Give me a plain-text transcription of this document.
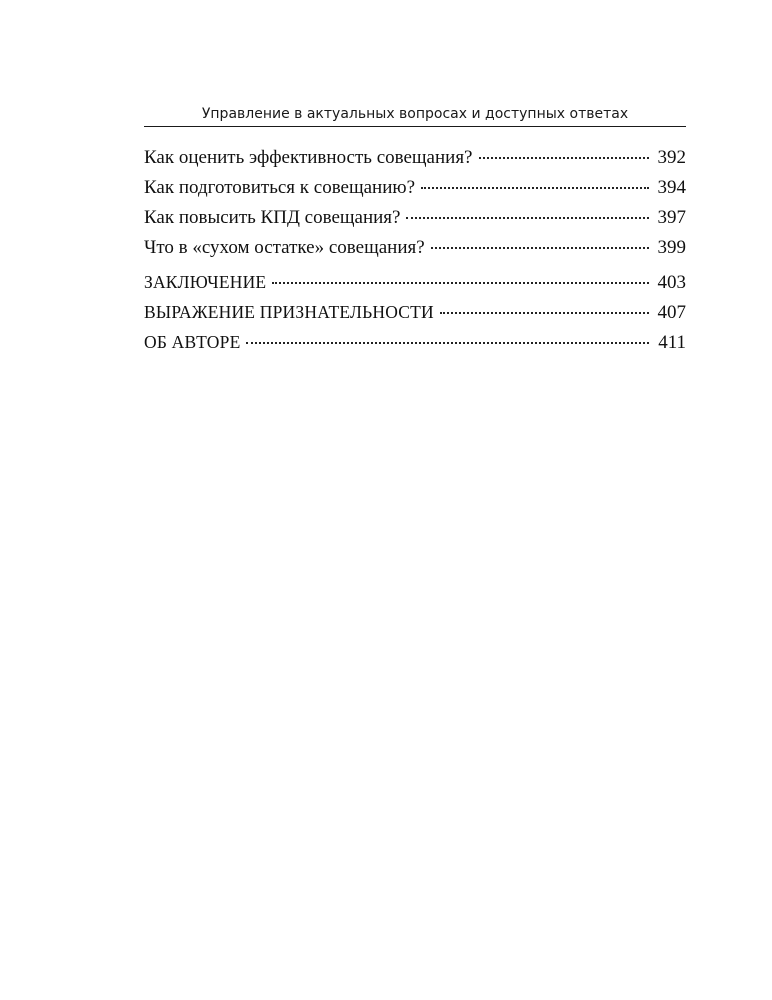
Управление в актуальных вопросах и доступных ответах
Как оценить эффективность совещания?	392
Как подготовиться к совещанию?	394
Как повысить КПД совещания?	397
Что в «сухом остатке» совещания?	399
ЗАКЛЮЧЕНИЕ	403
ВЫРАЖЕНИЕ ПРИЗНАТЕЛЬНОСТИ	407
ОБ АВТОРЕ	411
